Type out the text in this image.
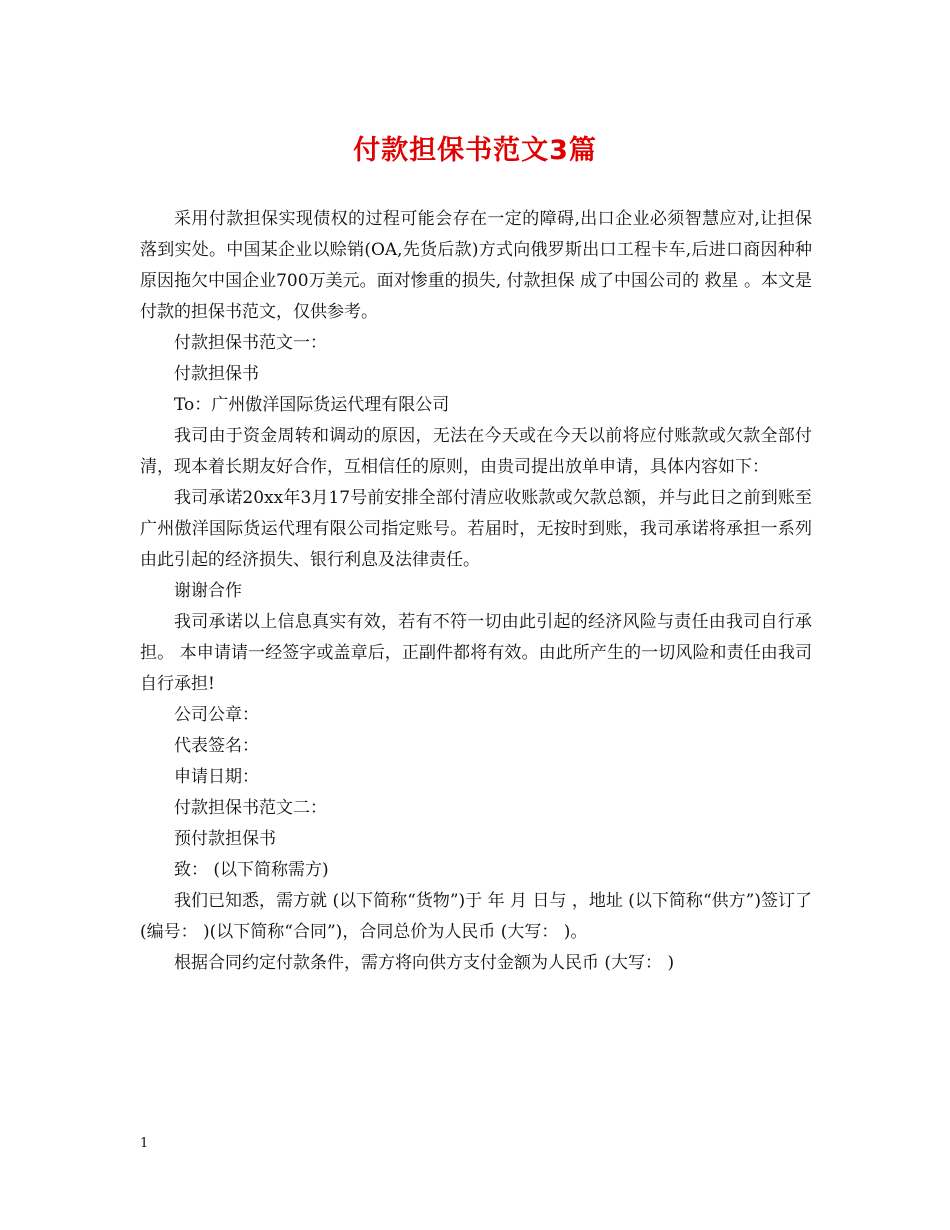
付款担保书范文3篇

采用付款担保实现债权的过程可能会存在一定的障碍,出口企业必须智慧应对,让担保落到实处。中国某企业以赊销(OA,先货后款)方式向俄罗斯出口工程卡车,后进口商因种种原因拖欠中国企业700万美元。面对惨重的损失, 付款担保 成了中国公司的 救星 。本文是付款的担保书范文，仅供参考。

付款担保书范文一：

付款担保书

To：广州傲洋国际货运代理有限公司

我司由于资金周转和调动的原因，无法在今天或在今天以前将应付账款或欠款全部付清，现本着长期友好合作，互相信任的原则，由贵司提出放单申请，具体内容如下：

我司承诺20xx年3月17号前安排全部付清应收账款或欠款总额，并与此日之前到账至广州傲洋国际货运代理有限公司指定账号。若届时，无按时到账，我司承诺将承担一系列由此引起的经济损失、银行利息及法律责任。

谢谢合作

我司承诺以上信息真实有效，若有不符一切由此引起的经济风险与责任由我司自行承担。 本申请请一经签字或盖章后，正副件都将有效。由此所产生的一切风险和责任由我司自行承担!

公司公章：

代表签名：

申请日期：

付款担保书范文二：

预付款担保书

致： (以下简称需方)

我们已知悉，需方就 (以下简称“货物”)于 年 月 日与 ，地址 (以下简称“供方”)签订了 (编号： )(以下简称“合同”)，合同总价为人民币 (大写： )。

根据合同约定付款条件，需方将向供方支付金额为人民币 (大写： )

1
